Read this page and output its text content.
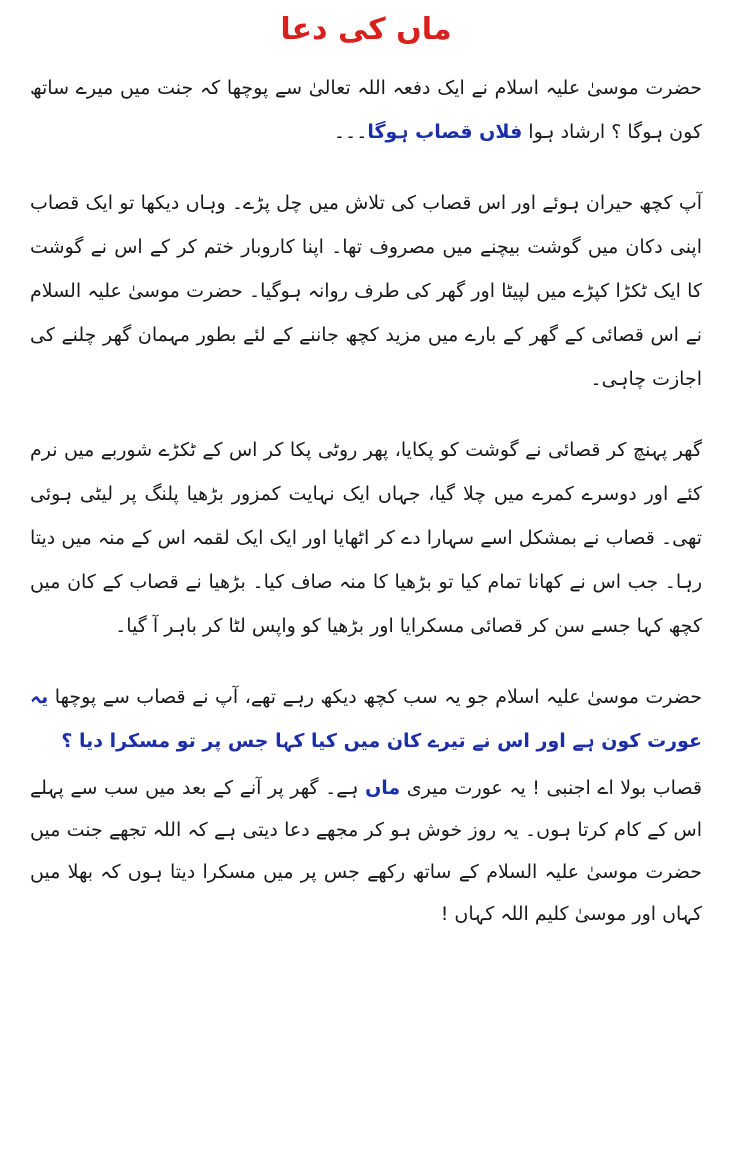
ماں کی دعا

حضرت موسیٰ علیہ اسلام نے ایک دفعہ اللہ تعالیٰ سے پوچھا کہ جنت میں میرے ساتھ کون ہوگا ؟ ارشاد ہوا فلاں قصاب ہوگا۔۔۔

آپ کچھ حیران ہوئے اور اس قصاب کی تلاش میں چل پڑے۔ وہاں دیکھا تو ایک قصاب اپنی دکان میں گوشت بیچنے میں مصروف تھا۔ اپنا کاروبار ختم کر کے اس نے گوشت کا ایک ٹکڑا کپڑے میں لپیٹا اور گھر کی طرف روانہ ہوگیا۔ حضرت موسیٰ علیہ السلام نے اس قصائی کے گھر کے بارے میں مزید کچھ جاننے کے لئے بطور مہمان گھر چلنے کی اجازت چاہی۔

گھر پہنچ کر قصائی نے گوشت کو پکایا، پھر روٹی پکا کر اس کے ٹکڑے شوربے میں نرم کئے اور دوسرے کمرے میں چلا گیا، جہاں ایک نہایت کمزور بڑھیا پلنگ پر لیٹی ہوئی تھی۔ قصاب نے بمشکل اسے سہارا دے کر اٹھایا اور ایک ایک لقمہ اس کے منہ میں دیتا رہا۔ جب اس نے کھانا تمام کیا تو بڑھیا کا منہ صاف کیا۔ بڑھیا نے قصاب کے کان میں کچھ کہا جسے سن کر قصائی مسکرایا اور بڑھیا کو واپس لٹا کر باہر آ گیا۔

حضرت موسیٰ علیہ اسلام جو یہ سب کچھ دیکھ رہے تھے، آپ نے قصاب سے پوچھا یہ عورت کون ہے اور اس نے تیرے کان میں کیا کہا جس پر تو مسکرا دیا ؟

قصاب بولا اے اجنبی ! یہ عورت میری ماں ہے۔ گھر پر آنے کے بعد میں سب سے پہلے اس کے کام کرتا ہوں۔ یہ روز خوش ہو کر مجھے دعا دیتی ہے کہ اللہ تجھے جنت میں حضرت موسیٰ علیہ السلام کے ساتھ رکھے جس پر میں مسکرا دیتا ہوں کہ بھلا میں کہاں اور موسیٰ کلیم اللہ کہاں !
